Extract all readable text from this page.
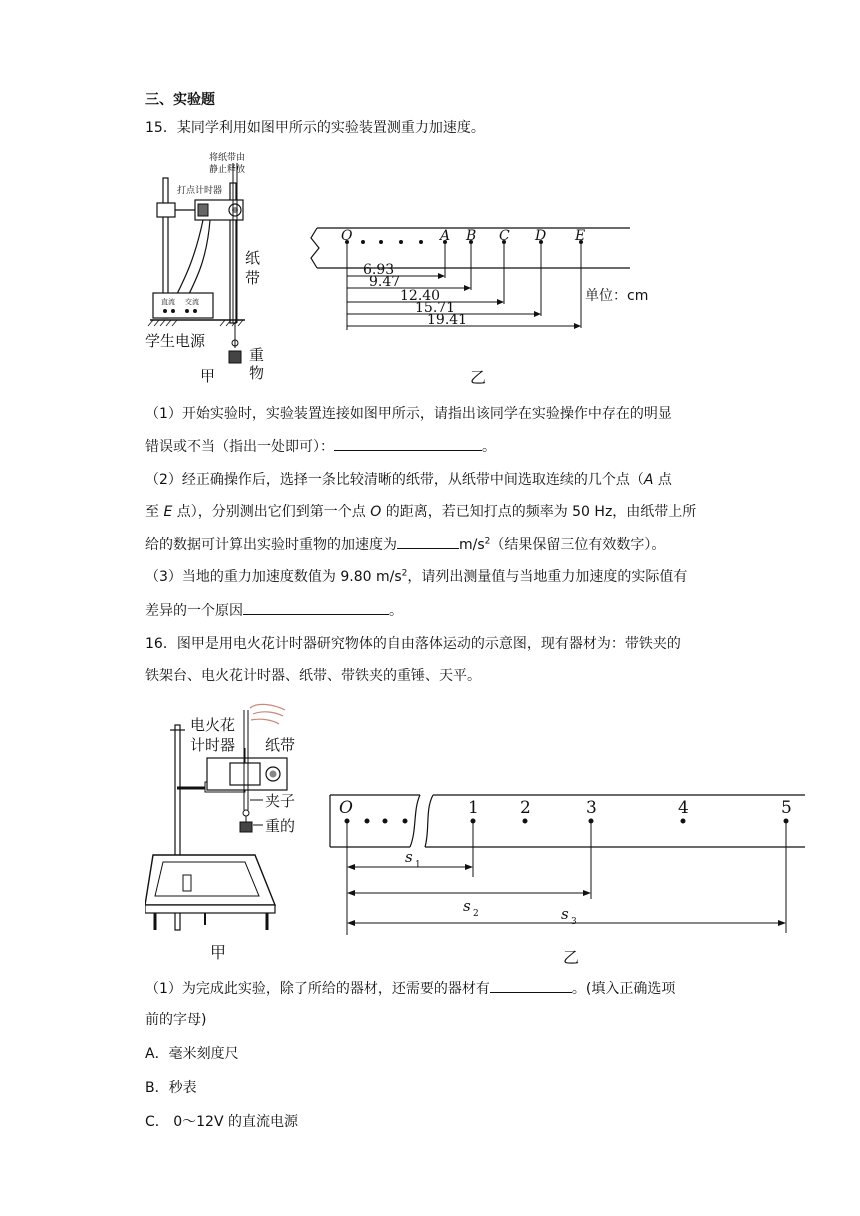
三、实验题
15．某同学利用如图甲所示的实验装置测重力加速度。
将纸带由
静止释放
打点计时器
纸
带
直流 交流
学生电源
重
物
甲
O	A B C D E
6.93
9.47
12.40
15.71
19.41
单位：cm
乙
（1）开始实验时，实验装置连接如图甲所示，请指出该同学在实验操作中存在的明显
错误或不当（指出一处即可）：	。
（2）经正确操作后，选择一条比较清晰的纸带，从纸带中间选取连续的几个点（A 点
至 E 点），分别测出它们到第一个点 O 的距离，若已知打点的频率为 50 Hz，由纸带上所
给的数据可计算出实验时重物的加速度为	$m/s^2$（结果保留三位有效数字）。
（3）当地的重力加速度数值为 9.80 $m/s^2$，请列出测量值与当地重力加速度的实际值有
差异的一个原因	。
16．图甲是用电火花计时器研究物体的自由落体运动的示意图，现有器材为：带铁夹的
铁架台、电火花计时器、纸带、带铁夹的重锤、天平。
电火花
计时器 纸带
夹子
重的
甲
O	1 2	3	4	5
s 1
s 2	s 3
乙
（1）为完成此实验，除了所给的器材，还需要的器材有	。(填入正确选项
前的字母)
A．毫米刻度尺
B．秒表
C． 0～12V 的直流电源
